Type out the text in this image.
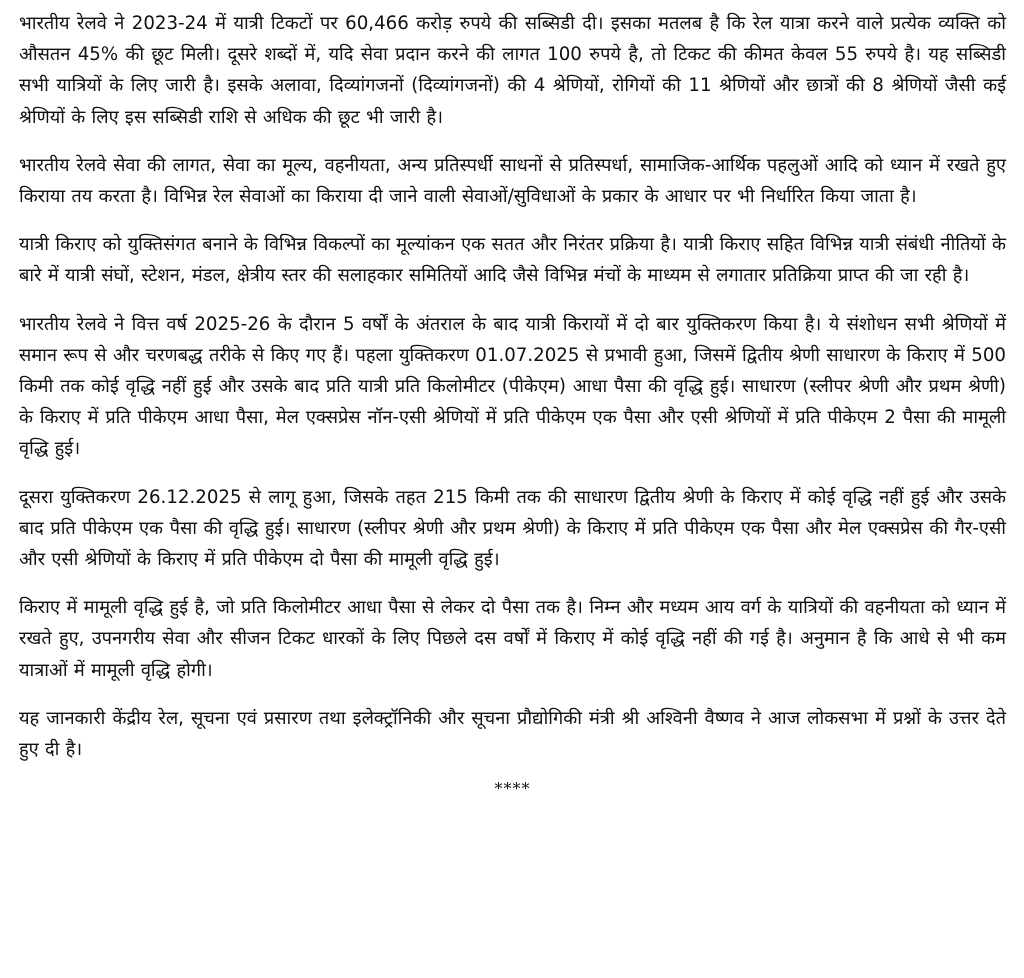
भारतीय रेलवे ने 2023-24 में यात्री टिकटों पर 60,466 करोड़ रुपये की सब्सिडी दी। इसका मतलब है कि रेल यात्रा करने वाले प्रत्येक व्यक्ति को औसतन 45% की छूट मिली। दूसरे शब्दों में, यदि सेवा प्रदान करने की लागत 100 रुपये है, तो टिकट की कीमत केवल 55 रुपये है। यह सब्सिडी सभी यात्रियों के लिए जारी है। इसके अलावा, दिव्यांगजनों (दिव्यांगजनों) की 4 श्रेणियों, रोगियों की 11 श्रेणियों और छात्रों की 8 श्रेणियों जैसी कई श्रेणियों के लिए इस सब्सिडी राशि से अधिक की छूट भी जारी है।

भारतीय रेलवे सेवा की लागत, सेवा का मूल्य, वहनीयता, अन्य प्रतिस्पर्धी साधनों से प्रतिस्पर्धा, सामाजिक-आर्थिक पहलुओं आदि को ध्यान में रखते हुए किराया तय करता है। विभिन्न रेल सेवाओं का किराया दी जाने वाली सेवाओं/सुविधाओं के प्रकार के आधार पर भी निर्धारित किया जाता है।

यात्री किराए को युक्तिसंगत बनाने के विभिन्न विकल्पों का मूल्यांकन एक सतत और निरंतर प्रक्रिया है। यात्री किराए सहित विभिन्न यात्री संबंधी नीतियों के बारे में यात्री संघों, स्टेशन, मंडल, क्षेत्रीय स्तर की सलाहकार समितियों आदि जैसे विभिन्न मंचों के माध्यम से लगातार प्रतिक्रिया प्राप्त की जा रही है।

भारतीय रेलवे ने वित्त वर्ष 2025-26 के दौरान 5 वर्षों के अंतराल के बाद यात्री किरायों में दो बार युक्तिकरण किया है। ये संशोधन सभी श्रेणियों में समान रूप से और चरणबद्ध तरीके से किए गए हैं। पहला युक्तिकरण 01.07.2025 से प्रभावी हुआ, जिसमें द्वितीय श्रेणी साधारण के किराए में 500 किमी तक कोई वृद्धि नहीं हुई और उसके बाद प्रति यात्री प्रति किलोमीटर (पीकेएम) आधा पैसा की वृद्धि हुई। साधारण (स्लीपर श्रेणी और प्रथम श्रेणी) के किराए में प्रति पीकेएम आधा पैसा, मेल एक्सप्रेस नॉन-एसी श्रेणियों में प्रति पीकेएम एक पैसा और एसी श्रेणियों में प्रति पीकेएम 2 पैसा की मामूली वृद्धि हुई।

दूसरा युक्तिकरण 26.12.2025 से लागू हुआ, जिसके तहत 215 किमी तक की साधारण द्वितीय श्रेणी के किराए में कोई वृद्धि नहीं हुई और उसके बाद प्रति पीकेएम एक पैसा की वृद्धि हुई। साधारण (स्लीपर श्रेणी और प्रथम श्रेणी) के किराए में प्रति पीकेएम एक पैसा और मेल एक्सप्रेस की गैर-एसी और एसी श्रेणियों के किराए में प्रति पीकेएम दो पैसा की मामूली वृद्धि हुई।

किराए में मामूली वृद्धि हुई है, जो प्रति किलोमीटर आधा पैसा से लेकर दो पैसा तक है। निम्न और मध्यम आय वर्ग के यात्रियों की वहनीयता को ध्यान में रखते हुए, उपनगरीय सेवा और सीजन टिकट धारकों के लिए पिछले दस वर्षों में किराए में कोई वृद्धि नहीं की गई है। अनुमान है कि आधे से भी कम यात्राओं में मामूली वृद्धि होगी।

यह जानकारी केंद्रीय रेल, सूचना एवं प्रसारण तथा इलेक्ट्रॉनिकी और सूचना प्रौद्योगिकी मंत्री श्री अश्विनी वैष्णव ने आज लोकसभा में प्रश्नों के उत्तर देते हुए दी है।

****
